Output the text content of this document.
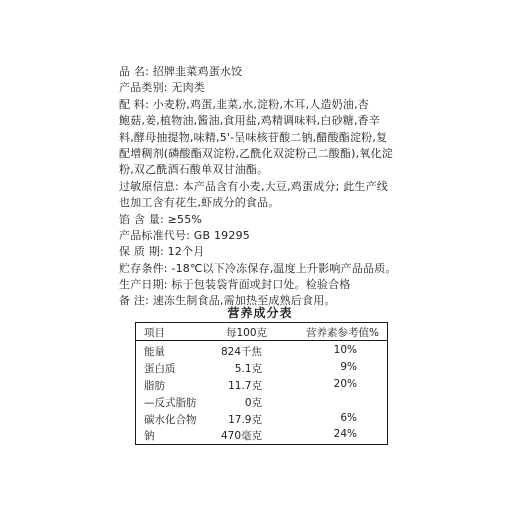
品 名: 招牌韭菜鸡蛋水饺
产品类别: 无肉类
配 料: 小麦粉,鸡蛋,韭菜,水,淀粉,木耳,人造奶油,杏
鲍菇,姜,植物油,酱油,食用盐,鸡精调味料,白砂糖,香辛
料,酵母抽提物,味精,5'-呈味核苷酸二钠,醋酸酯淀粉,复
配增稠剂(磷酸酯双淀粉,乙酰化双淀粉己二酸酯),氧化淀
粉,双乙酰酒石酸单双甘油酯。
过敏原信息: 本产品含有小麦,大豆,鸡蛋成分; 此生产线
也加工含有花生,虾成分的食品。
馅 含 量: ≥55%
产品标准代号: GB 19295
保 质 期: 12个月
贮存条件: -18℃以下冷冻保存,温度上升影响产品品质。
生产日期: 标于包装袋背面或封口处。检验合格
备 注: 速冻生制食品,需加热至成熟后食用。
营养成分表
项目	每100克	营养素参考值%
能量	824千焦	10%
蛋白质	5.1克	9%
脂肪	11.7克	20%
—反式脂肪	0克
碳水化合物	17.9克	6%
钠	470毫克	24%
